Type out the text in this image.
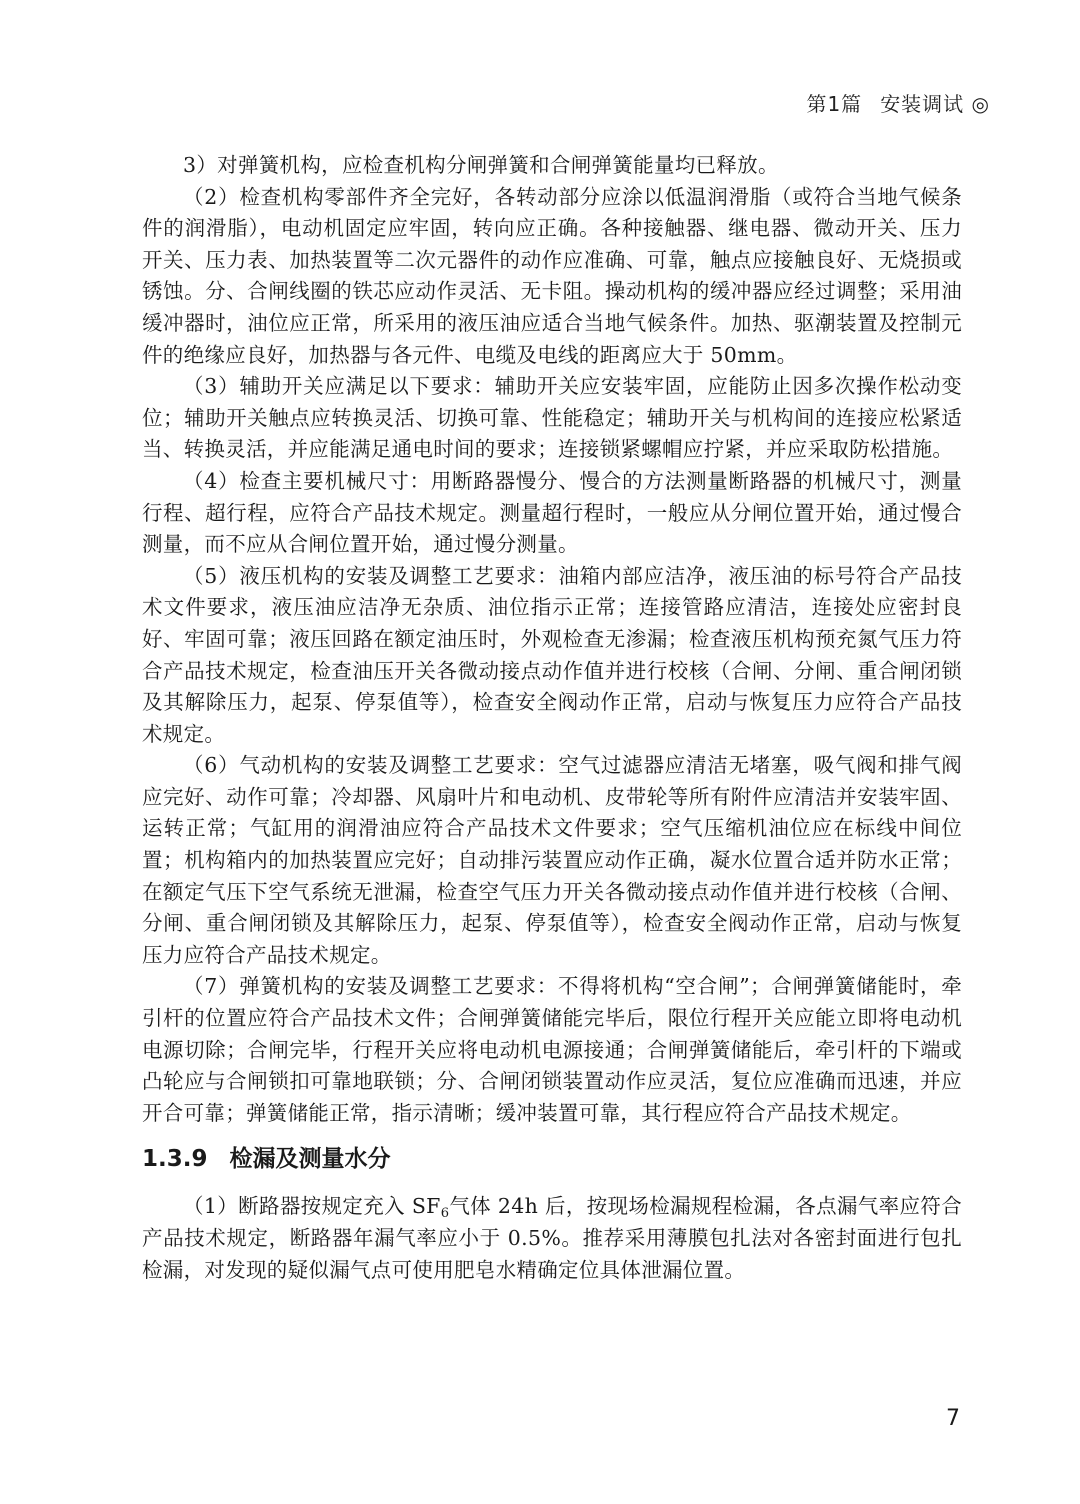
第1篇 安装调试 ◎

3）对弹簧机构，应检查机构分闸弹簧和合闸弹簧能量均已释放。

（2）检查机构零部件齐全完好，各转动部分应涂以低温润滑脂（或符合当地气候条件的润滑脂），电动机固定应牢固，转向应正确。各种接触器、继电器、微动开关、压力开关、压力表、加热装置等二次元器件的动作应准确、可靠，触点应接触良好、无烧损或锈蚀。分、合闸线圈的铁芯应动作灵活、无卡阻。操动机构的缓冲器应经过调整；采用油缓冲器时，油位应正常，所采用的液压油应适合当地气候条件。加热、驱潮装置及控制元件的绝缘应良好，加热器与各元件、电缆及电线的距离应大于 50mm。

（3）辅助开关应满足以下要求：辅助开关应安装牢固，应能防止因多次操作松动变位；辅助开关触点应转换灵活、切换可靠、性能稳定；辅助开关与机构间的连接应松紧适当、转换灵活，并应能满足通电时间的要求；连接锁紧螺帽应拧紧，并应采取防松措施。

（4）检查主要机械尺寸：用断路器慢分、慢合的方法测量断路器的机械尺寸，测量行程、超行程，应符合产品技术规定。测量超行程时，一般应从分闸位置开始，通过慢合测量，而不应从合闸位置开始，通过慢分测量。

（5）液压机构的安装及调整工艺要求：油箱内部应洁净，液压油的标号符合产品技术文件要求，液压油应洁净无杂质、油位指示正常；连接管路应清洁，连接处应密封良好、牢固可靠；液压回路在额定油压时，外观检查无渗漏；检查液压机构预充氮气压力符合产品技术规定，检查油压开关各微动接点动作值并进行校核（合闸、分闸、重合闸闭锁及其解除压力，起泵、停泵值等），检查安全阀动作正常，启动与恢复压力应符合产品技术规定。

（6）气动机构的安装及调整工艺要求：空气过滤器应清洁无堵塞，吸气阀和排气阀应完好、动作可靠；冷却器、风扇叶片和电动机、皮带轮等所有附件应清洁并安装牢固、运转正常；气缸用的润滑油应符合产品技术文件要求；空气压缩机油位应在标线中间位置；机构箱内的加热装置应完好；自动排污装置应动作正确，凝水位置合适并防水正常；在额定气压下空气系统无泄漏，检查空气压力开关各微动接点动作值并进行校核（合闸、分闸、重合闸闭锁及其解除压力，起泵、停泵值等），检查安全阀动作正常，启动与恢复压力应符合产品技术规定。

（7）弹簧机构的安装及调整工艺要求：不得将机构“空合闸”；合闸弹簧储能时，牵引杆的位置应符合产品技术文件；合闸弹簧储能完毕后，限位行程开关应能立即将电动机电源切除；合闸完毕，行程开关应将电动机电源接通；合闸弹簧储能后，牵引杆的下端或凸轮应与合闸锁扣可靠地联锁；分、合闸闭锁装置动作应灵活，复位应准确而迅速，并应开合可靠；弹簧储能正常，指示清晰；缓冲装置可靠，其行程应符合产品技术规定。

1.3.9 检漏及测量水分

（1）断路器按规定充入 $SF_6$气体 24h 后，按现场检漏规程检漏，各点漏气率应符合产品技术规定，断路器年漏气率应小于 0.5%。推荐采用薄膜包扎法对各密封面进行包扎检漏，对发现的疑似漏气点可使用肥皂水精确定位具体泄漏位置。

7
